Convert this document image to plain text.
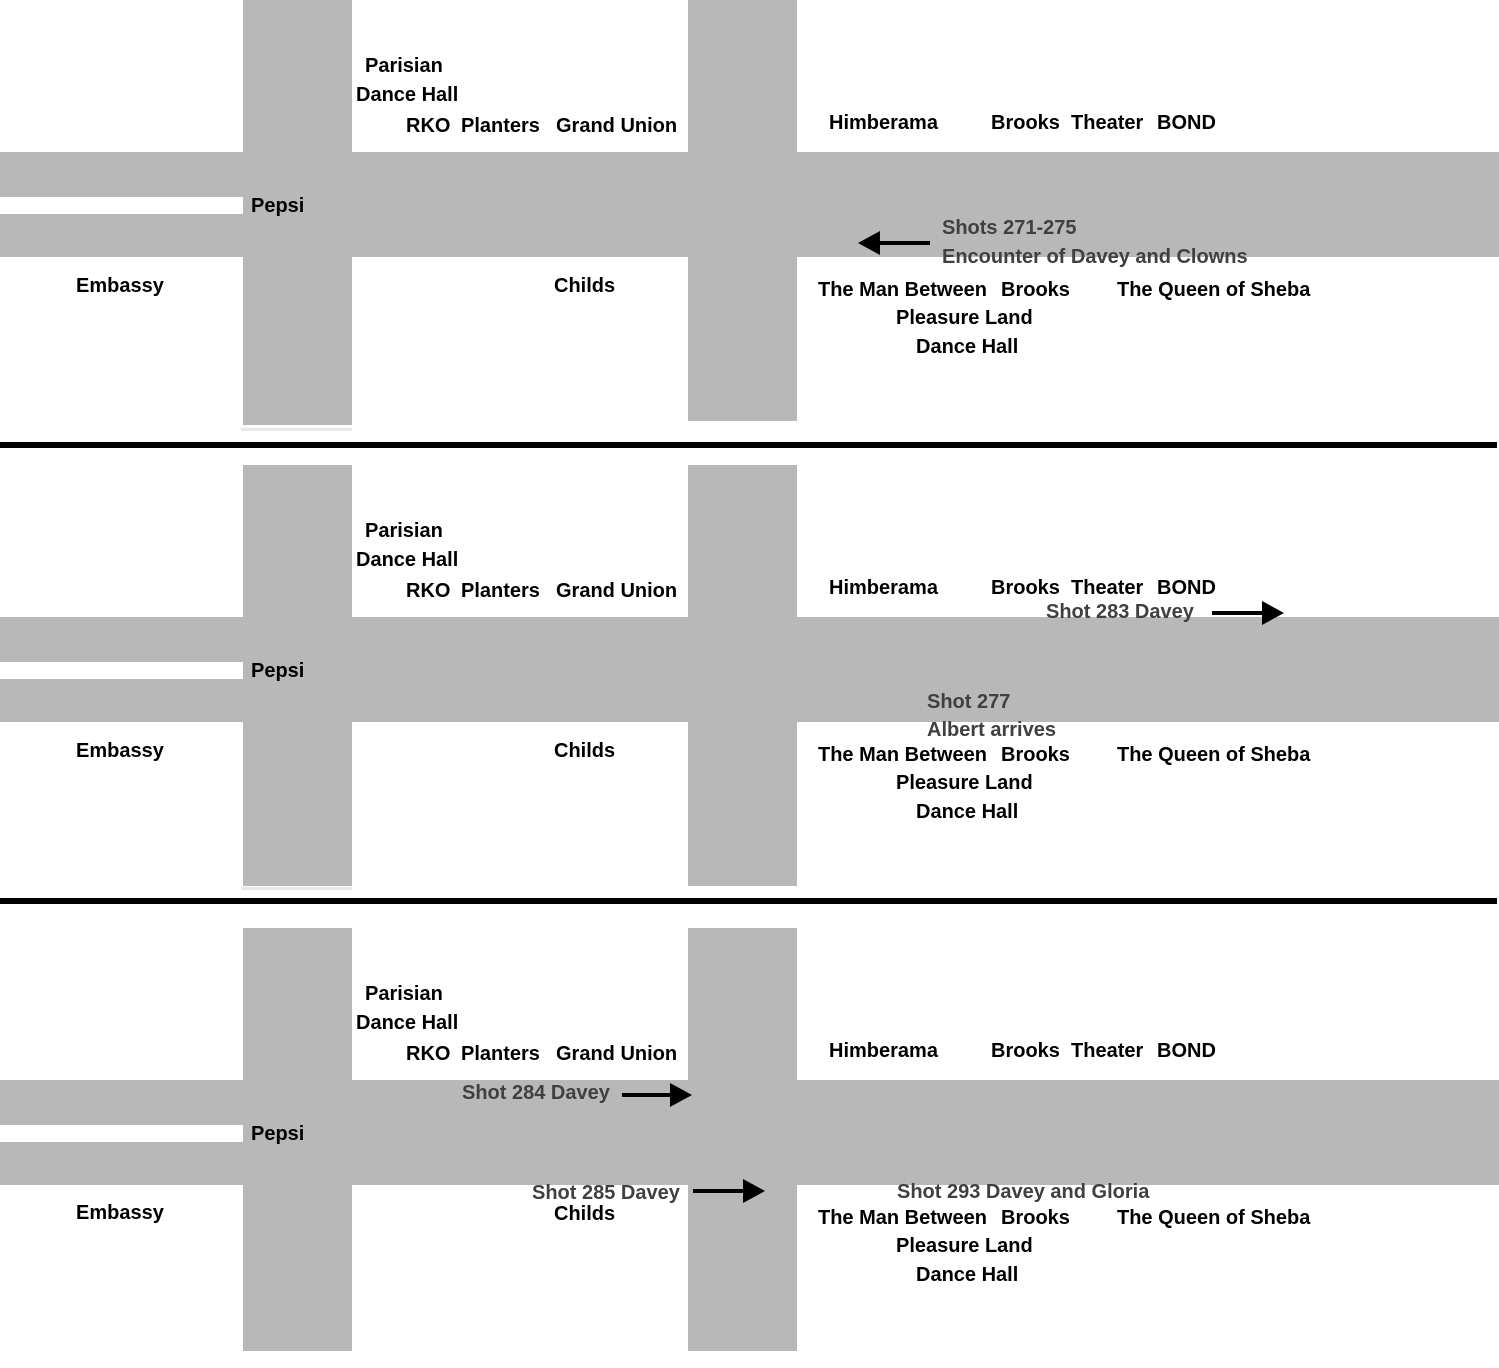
Parisian
Dance Hall
RKO Planters Grand Union	Himberama	Brooks  Theater BOND
Pepsi
Embassy	Childs	The Man Between Brooks The Queen of Sheba
Pleasure Land
Dance Hall
Shots 271-275
Encounter of Davey and Clowns
Parisian
Dance Hall
RKO Planters Grand Union	Himberama	Brooks  Theater BOND
Pepsi
Embassy	Childs	The Man Between Brooks The Queen of Sheba
Pleasure Land
Dance Hall
Shot 283 Davey
Shot 277
Albert arrives
Parisian
Dance Hall
RKO Planters Grand Union	Himberama	Brooks  Theater BOND
Pepsi
Embassy	Childs	The Man Between Brooks The Queen of Sheba
Pleasure Land
Dance Hall
Shot 284 Davey
Shot 285 Davey	Shot 293 Davey and Gloria
